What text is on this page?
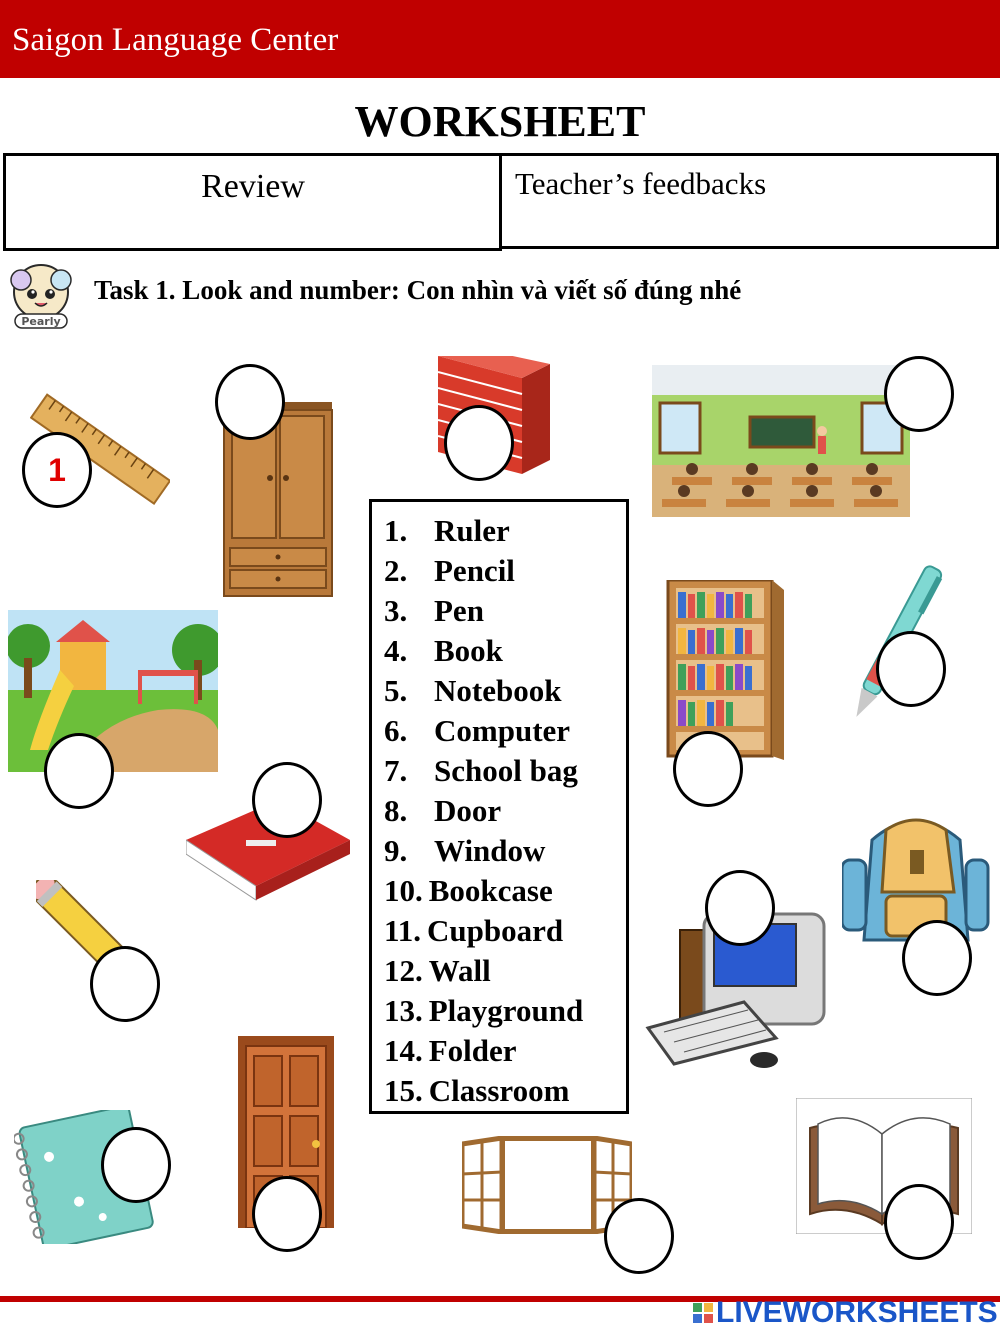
Saigon Language Center
WORKSHEET
Review	Teacher’s feedbacks
Pearly
Task 1. Look and number: Con nhìn và viết số đúng nhé
1. Ruler
2. Pencil
3. Pen
4. Book
5. Notebook
6. Computer
7. School bag
8. Door
9. Window
10. Bookcase
11. Cupboard
12. Wall
13. Playground
14. Folder
15. Classroom
1
LIVEWORKSHEETS
